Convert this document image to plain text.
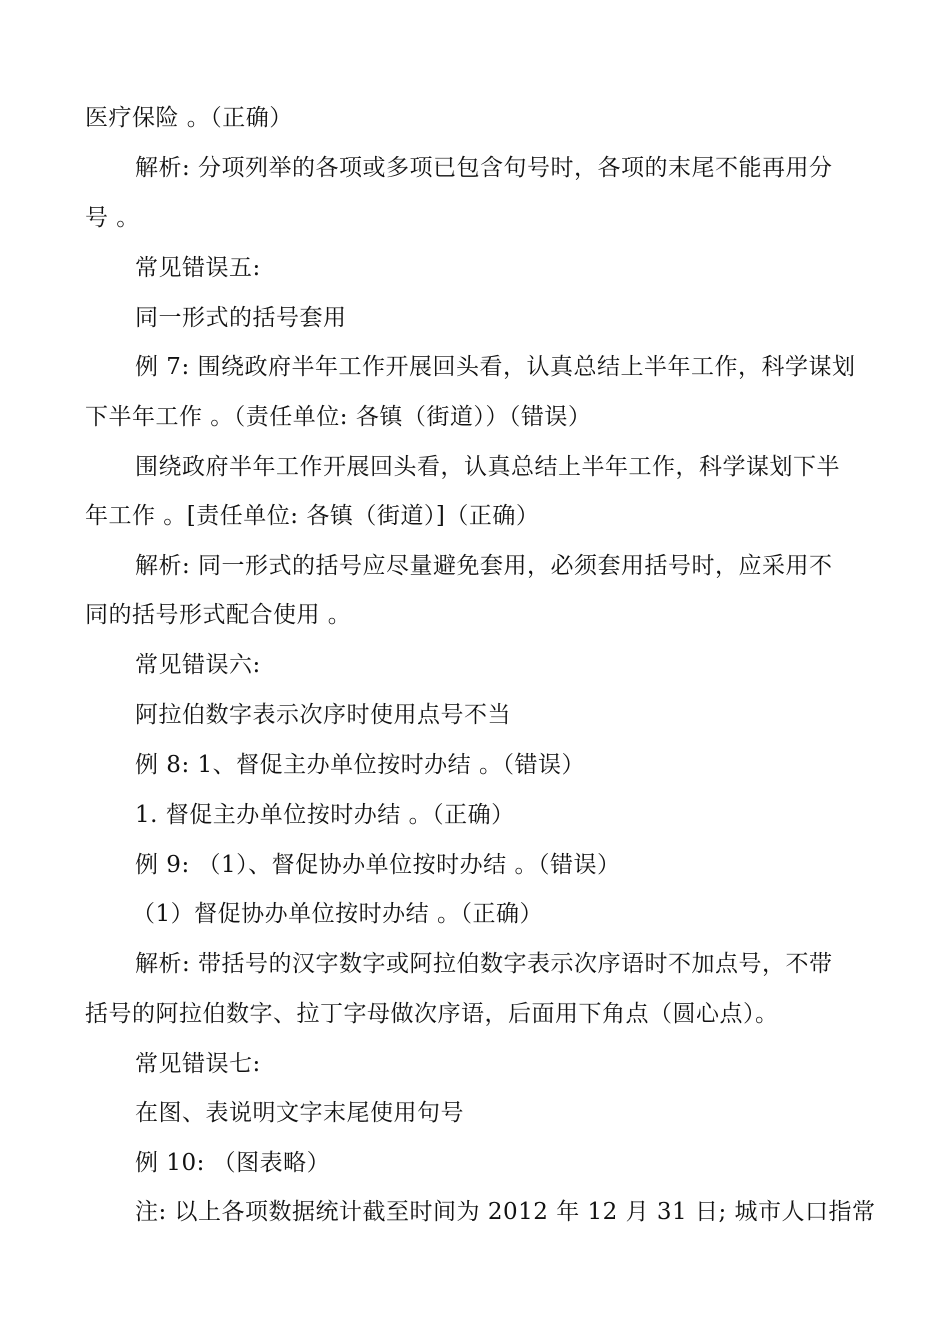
医疗保险 。（正确）
解析: 分项列举的各项或多项已包含句号时，各项的末尾不能再用分
号 。
常见错误五:
同一形式的括号套用
例 7: 围绕政府半年工作开展回头看，认真总结上半年工作，科学谋划
下半年工作 。（责任单位: 各镇（街道））（错误）
围绕政府半年工作开展回头看，认真总结上半年工作，科学谋划下半
年工作 。[责任单位: 各镇（街道）]（正确）
解析: 同一形式的括号应尽量避免套用，必须套用括号时，应采用不
同的括号形式配合使用 。
常见错误六:
阿拉伯数字表示次序时使用点号不当
例 8: 1、督促主办单位按时办结 。（错误）
1. 督促主办单位按时办结 。（正确）
例 9: （1）、督促协办单位按时办结 。（错误）
（1）督促协办单位按时办结 。（正确）
解析: 带括号的汉字数字或阿拉伯数字表示次序语时不加点号，不带
括号的阿拉伯数字、拉丁字母做次序语，后面用下角点（圆心点）。
常见错误七:
在图、表说明文字末尾使用句号
例 10: （图表略）
注: 以上各项数据统计截至时间为 2012 年 12 月 31 日; 城市人口指常
